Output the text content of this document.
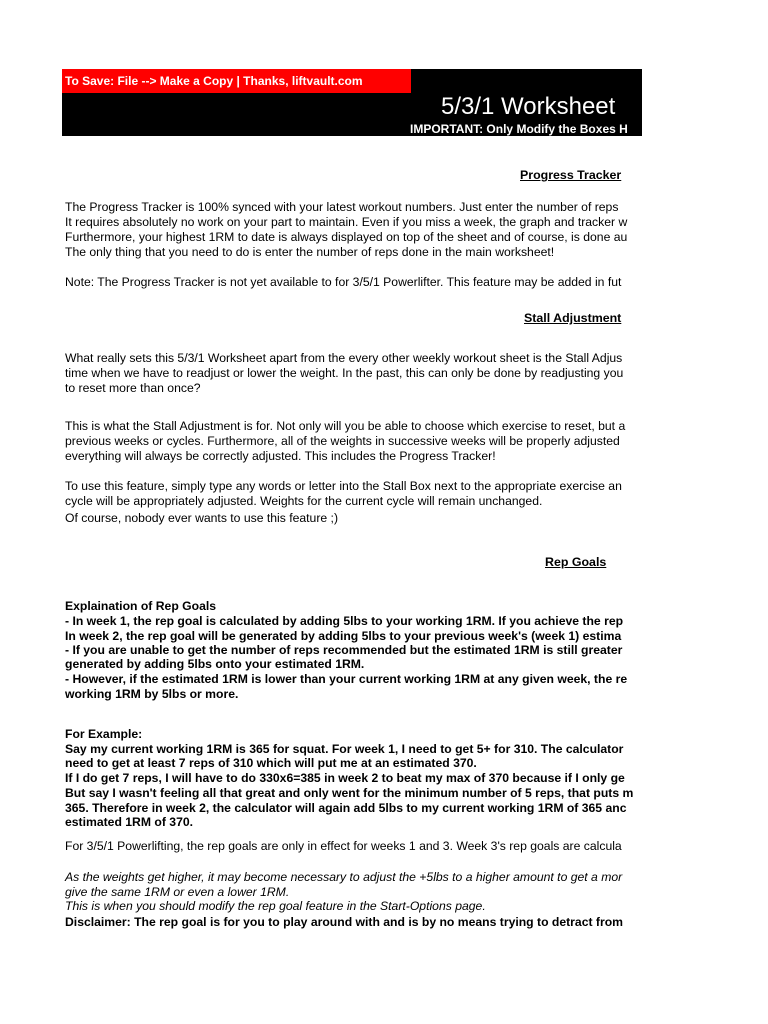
To Save: File --> Make a Copy | Thanks, liftvault.com
5/3/1 Worksheet
IMPORTANT: Only Modify the Boxes H
Progress Tracker
The Progress Tracker is 100% synced with your latest workout numbers. Just enter the number of reps
It requires absolutely no work on your part to maintain. Even if you miss a week, the graph and tracker w
Furthermore, your highest 1RM to date is always displayed on top of the sheet and of course, is done au
The only thing that you need to do is enter the number of reps done in the main worksheet!
Note: The Progress Tracker is not yet available to for 3/5/1 Powerlifter. This feature may be added in fut
Stall Adjustment
What really sets this 5/3/1 Worksheet apart from the every other weekly workout sheet is the Stall Adjus
time when we have to readjust or lower the weight. In the past, this can only be done by readjusting you
to reset more than once?
This is what the Stall Adjustment is for. Not only will you be able to choose which exercise to reset, but a
previous weeks or cycles. Furthermore, all of the weights in successive weeks will be properly adjusted
everything will always be correctly adjusted. This includes the Progress Tracker!
To use this feature, simply type any words or letter into the Stall Box next to the appropriate exercise an
cycle will be appropriately adjusted. Weights for the current cycle will remain unchanged.
Of course, nobody ever wants to use this feature ;)
Rep Goals
Explaination of Rep Goals
- In week 1, the rep goal is calculated by adding 5lbs to your working 1RM. If you achieve the rep
In week 2, the rep goal will be generated by adding 5lbs to your previous week's (week 1) estima
- If you are unable to get the number of reps recommended but the estimated 1RM is still greater
generated by adding 5lbs onto your estimated 1RM.
- However, if the estimated 1RM is lower than your current working 1RM at any given week, the re
working 1RM by 5lbs or more.
For Example:
Say my current working 1RM is 365 for squat. For week 1, I need to get 5+ for 310. The calculator
need to get at least 7 reps of 310 which will put me at an estimated 370.
If I do get 7 reps, I will have to do 330x6=385 in week 2 to beat my max of 370 because if I only ge
But say I wasn't feeling all that great and only went for the minimum number of 5 reps, that puts m
365. Therefore in week 2, the calculator will again add 5lbs to my current working 1RM of 365 anc
estimated 1RM of 370.
For 3/5/1 Powerlifting, the rep goals are only in effect for weeks 1 and 3. Week 3's rep goals are calcula
As the weights get higher, it may become necessary to adjust the +5lbs to a higher amount to get a mor
give the same 1RM or even a lower 1RM.
This is when you should modify the rep goal feature in the Start-Options page.
Disclaimer: The rep goal is for you to play around with and is by no means trying to detract from
